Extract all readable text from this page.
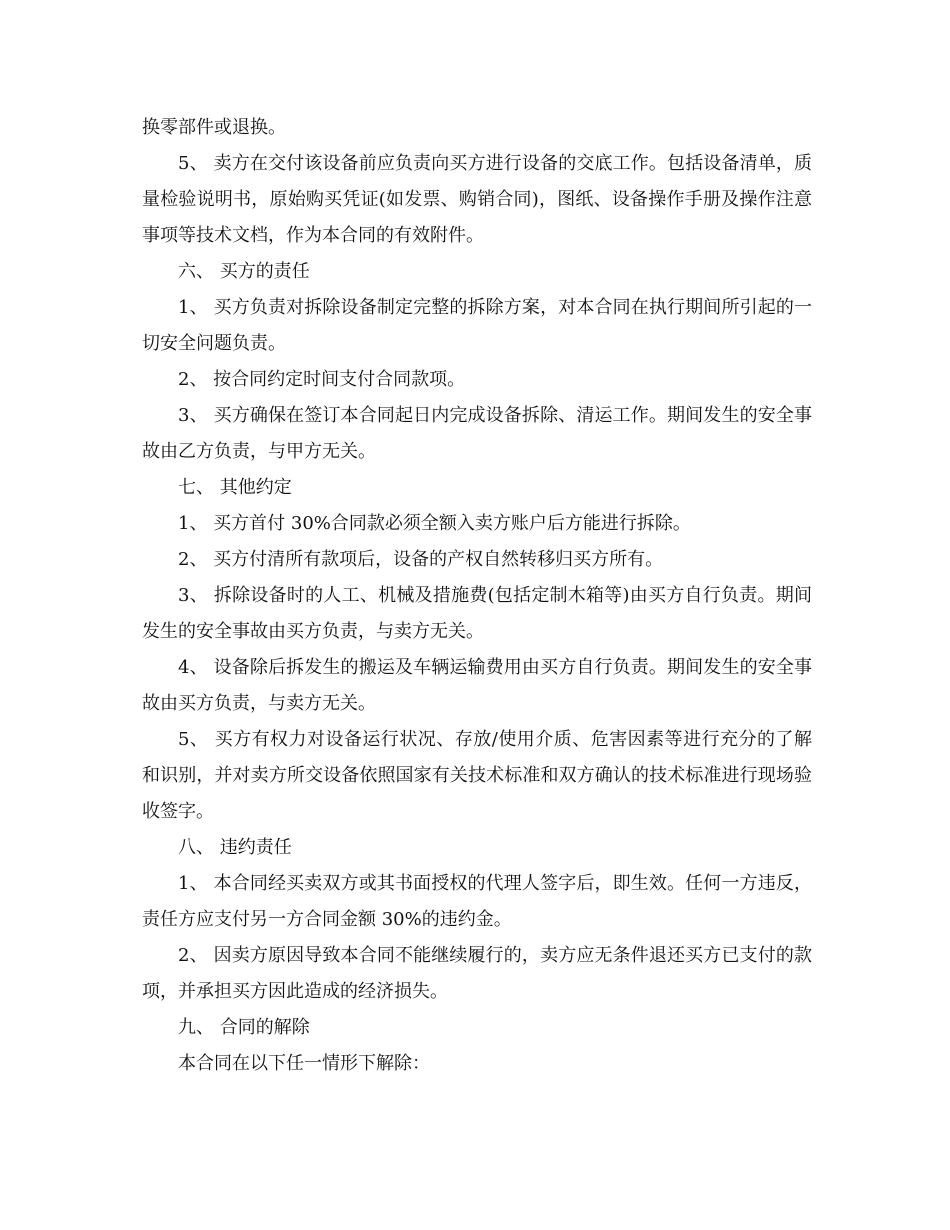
换零部件或退换。

5、 卖方在交付该设备前应负责向买方进行设备的交底工作。包括设备清单，质量检验说明书，原始购买凭证(如发票、购销合同)，图纸、设备操作手册及操作注意事项等技术文档，作为本合同的有效附件。

六、 买方的责任

1、 买方负责对拆除设备制定完整的拆除方案，对本合同在执行期间所引起的一切安全问题负责。

2、 按合同约定时间支付合同款项。

3、 买方确保在签订本合同起日内完成设备拆除、清运工作。期间发生的安全事故由乙方负责，与甲方无关。

七、 其他约定

1、 买方首付 30%合同款必须全额入卖方账户后方能进行拆除。

2、 买方付清所有款项后，设备的产权自然转移归买方所有。

3、 拆除设备时的人工、机械及措施费(包括定制木箱等)由买方自行负责。期间发生的安全事故由买方负责，与卖方无关。

4、 设备除后拆发生的搬运及车辆运输费用由买方自行负责。期间发生的安全事故由买方负责，与卖方无关。

5、 买方有权力对设备运行状况、存放/使用介质、危害因素等进行充分的了解和识别，并对卖方所交设备依照国家有关技术标准和双方确认的技术标准进行现场验收签字。

八、 违约责任

1、 本合同经买卖双方或其书面授权的代理人签字后，即生效。任何一方违反，责任方应支付另一方合同金额 30%的违约金。

2、 因卖方原因导致本合同不能继续履行的，卖方应无条件退还买方已支付的款项，并承担买方因此造成的经济损失。

九、 合同的解除

本合同在以下任一情形下解除：
